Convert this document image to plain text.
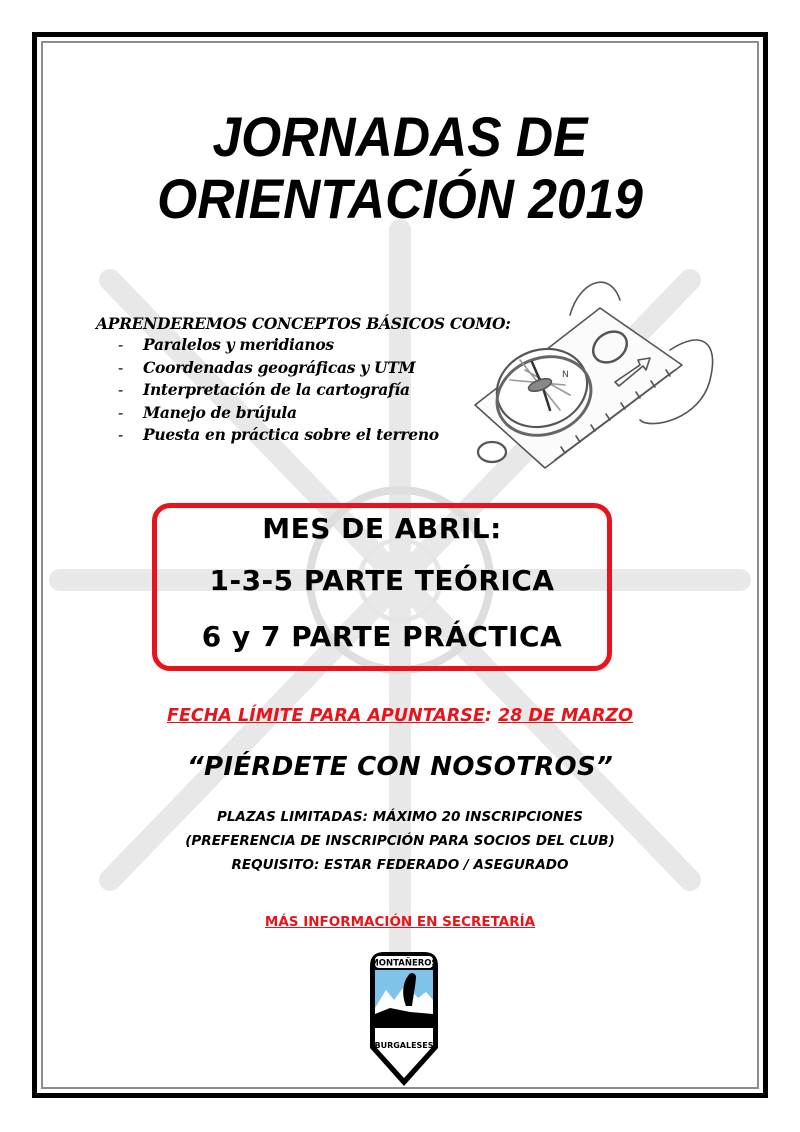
JORNADAS DE
ORIENTACIÓN 2019
APRENDEREMOS CONCEPTOS BÁSICOS COMO:
- Paralelos y meridianos
- Coordenadas geográficas y UTM
- Interpretación de la cartografía
- Manejo de brújula
- Puesta en práctica sobre el terreno
N
MES DE ABRIL:
1-3-5 PARTE TEÓRICA
6 y 7 PARTE PRÁCTICA
FECHA LÍMITE PARA APUNTARSE: 28 DE MARZO
“PIÉRDETE CON NOSOTROS”
PLAZAS LIMITADAS: MÁXIMO 20 INSCRIPCIONES
(PREFERENCIA DE INSCRIPCIÓN PARA SOCIOS DEL CLUB)
REQUISITO: ESTAR FEDERADO / ASEGURADO
MÁS INFORMACIÓN EN SECRETARÍA
MONTAÑEROS
BURGALESES
